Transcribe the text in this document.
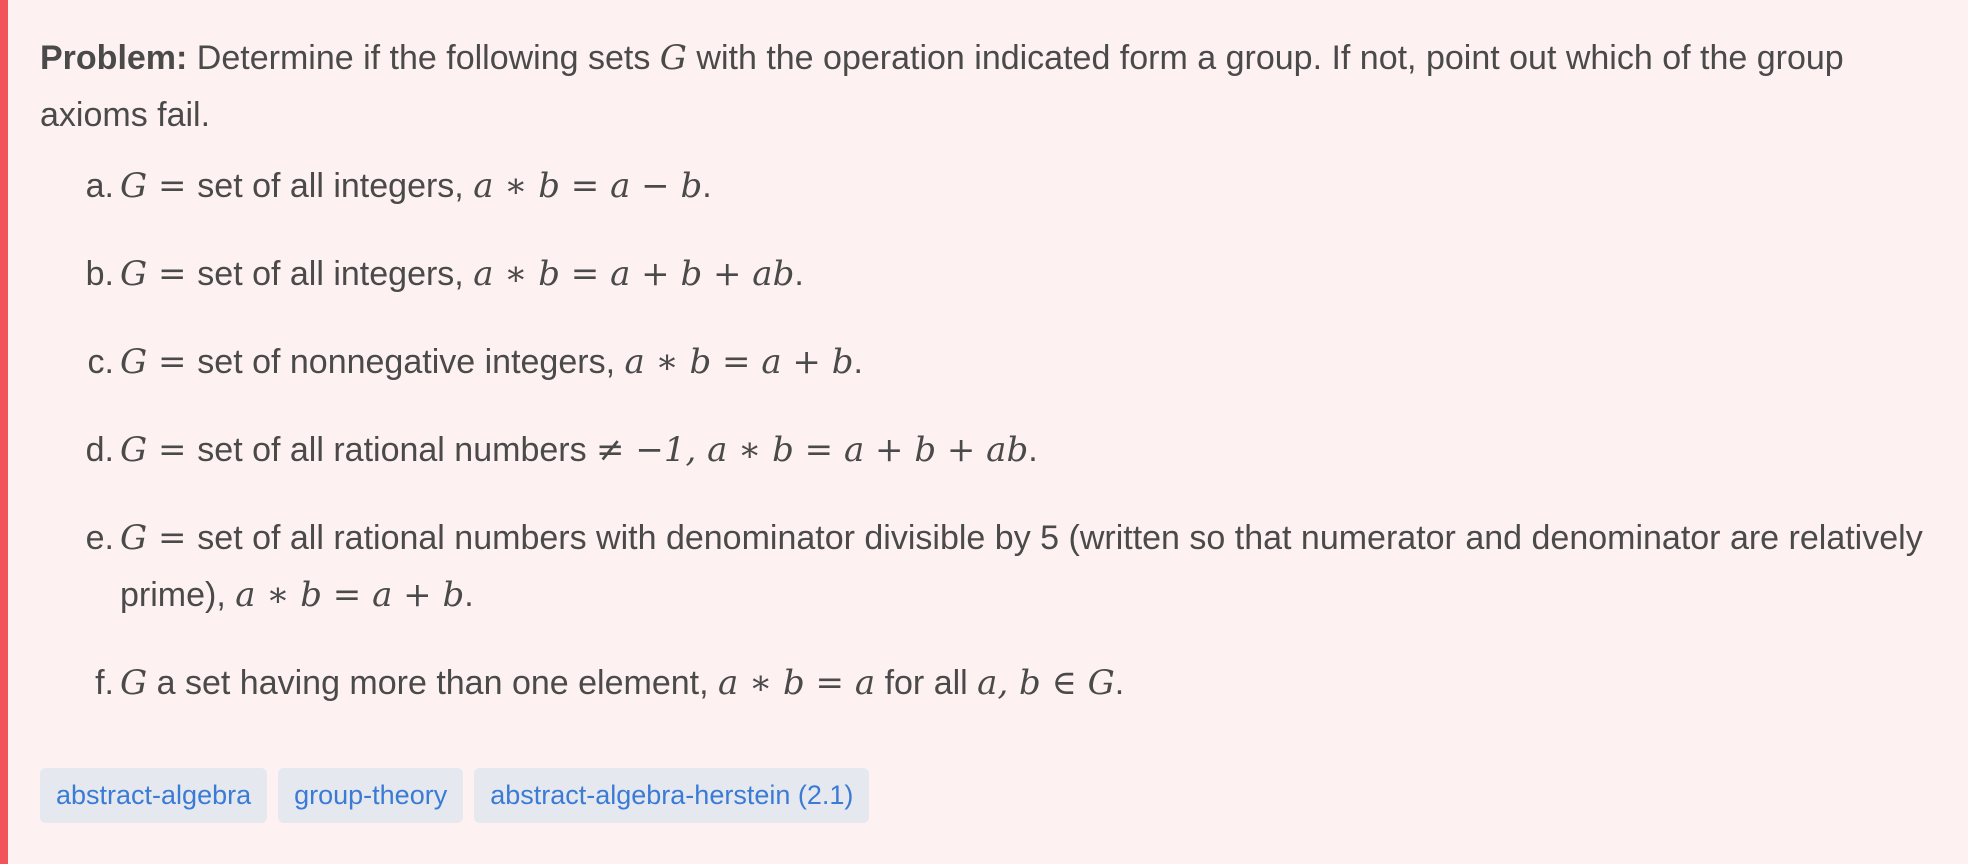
Problem: Determine if the following sets G with the operation indicated form a group. If not, point out which of the group axioms fail.

a. G = set of all integers, a ∗ b = a − b.
b. G = set of all integers, a ∗ b = a + b + ab.
c. G = set of nonnegative integers, a ∗ b = a + b.
d. G = set of all rational numbers ≠ −1, a ∗ b = a + b + ab.
e. G = set of all rational numbers with denominator divisible by 5 (written so that numerator and denominator are relatively prime), a ∗ b = a + b.
f. G a set having more than one element, a ∗ b = a for all a, b ∈ G.
abstract-algebra	group-theory	abstract-algebra-herstein (2.1)
